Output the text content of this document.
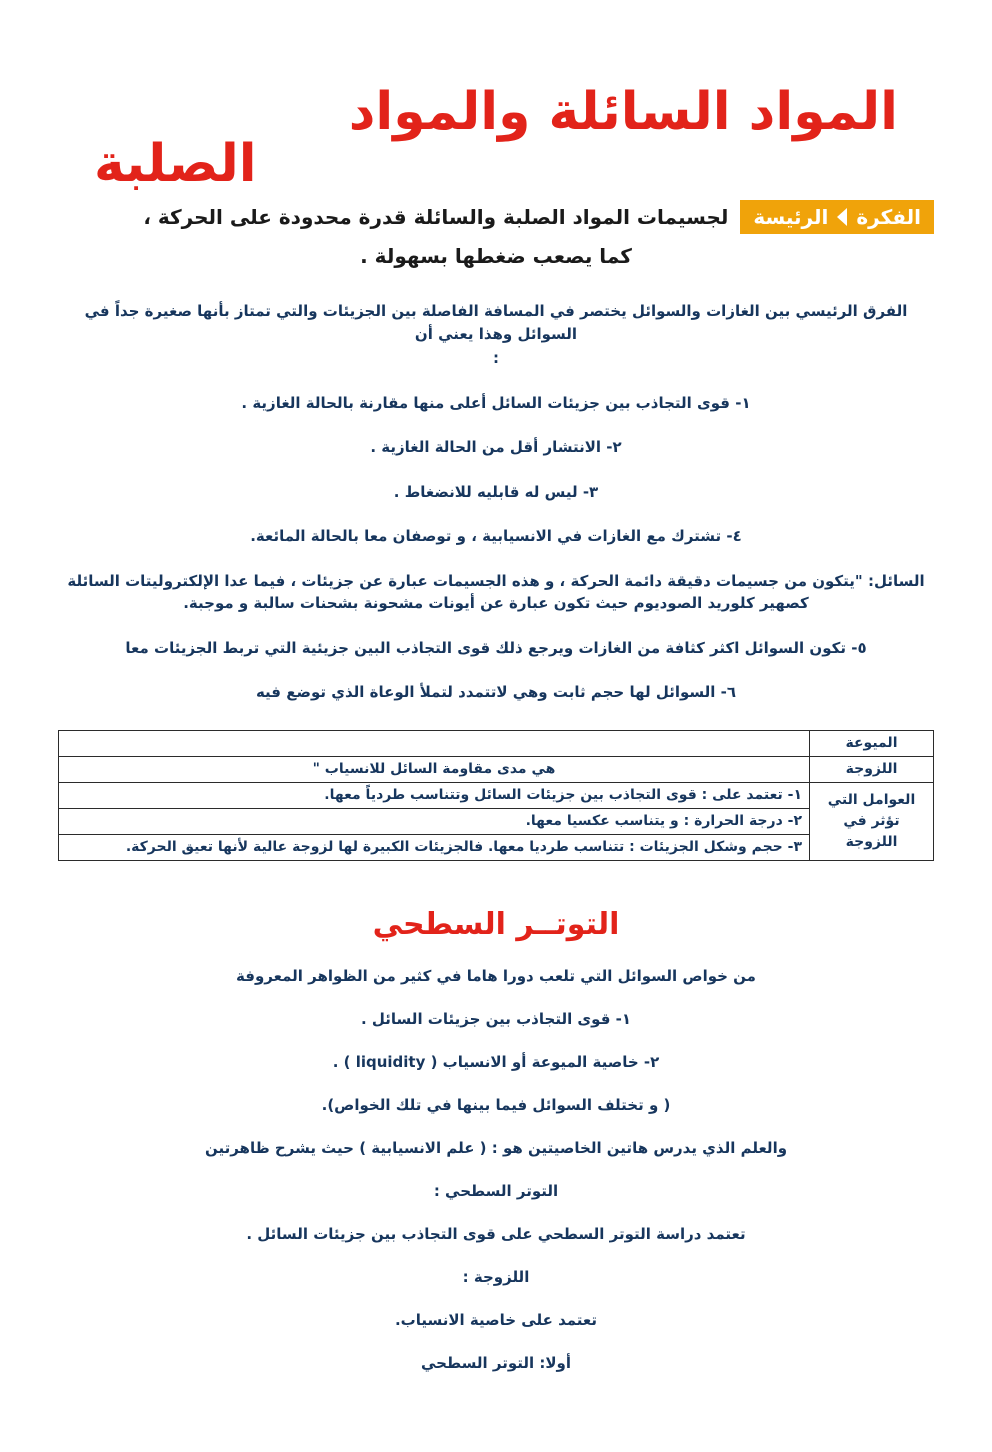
المواد السائلة والمواد
الصلبة
الفكرة
الرئيسة
لجسيمات المواد الصلبة والسائلة قدرة محدودة على الحركة ،
كما يصعب ضغطها بسهولة .
الفرق الرئيسي بين الغازات والسوائل يختصر في المسافة الفاصلة بين الجزيئات والتي تمتاز بأنها صغيرة جداً في السوائل وهذا يعني أن
:
١- قوى التجاذب بين جزيئات السائل أعلى منها مقارنة بالحالة الغازية .
٢- الانتشار أقل من الحالة الغازية .
٣- ليس له قابليه للانضغاط .
٤- تشترك مع الغازات في الانسيابية ، و توصفان معا بالحالة المائعة.
السائل: "يتكون من جسيمات دقيقة دائمة الحركة ، و هذه الجسيمات عبارة عن جزيئات ، فيما عدا الإلكتروليتات السائلة كصهير كلوريد الصوديوم حيث تكون عبارة عن أيونات مشحونة بشحنات سالبة و موجبة.
٥- تكون السوائل اكثر كثافة من الغازات ويرجع ذلك قوى التجاذب البين جزيئية التي تربط الجزيئات معا
٦- السوائل لها حجم ثابت وهي لاتتمدد لتملأ الوعاة الذي توضع فيه
الميوعة	
اللزوجة	هي مدى مقاومة السائل للانسياب "
العوامل التي تؤثر في اللزوجة	١- تعتمد على : قوى التجاذب بين جزيئات السائل وتتناسب طردياً معها.
	٢- درجة الحرارة : و يتناسب عكسيا معها.
	٣- حجم وشكل الجزيئات : تتناسب طرديا معها. فالجزيئات الكبيرة لها لزوجة عالية لأنها تعيق الحركة.
التوتــر السطحي
من خواص السوائل التي تلعب دورا هاما في كثير من الظواهر المعروفة
١- قوى التجاذب بين جزيئات السائل .
٢- خاصية الميوعة أو الانسياب ( liquidity ) .
( و تختلف السوائل فيما بينها في تلك الخواص).
والعلم الذي يدرس هاتين الخاصيتين هو : ( علم الانسيابية ) حيث يشرح ظاهرتين
التوتر السطحي :
تعتمد دراسة التوتر السطحي على قوى التجاذب بين جزيئات السائل .
اللزوجة :
تعتمد على خاصية الانسياب.
أولا: التوتر السطحي
